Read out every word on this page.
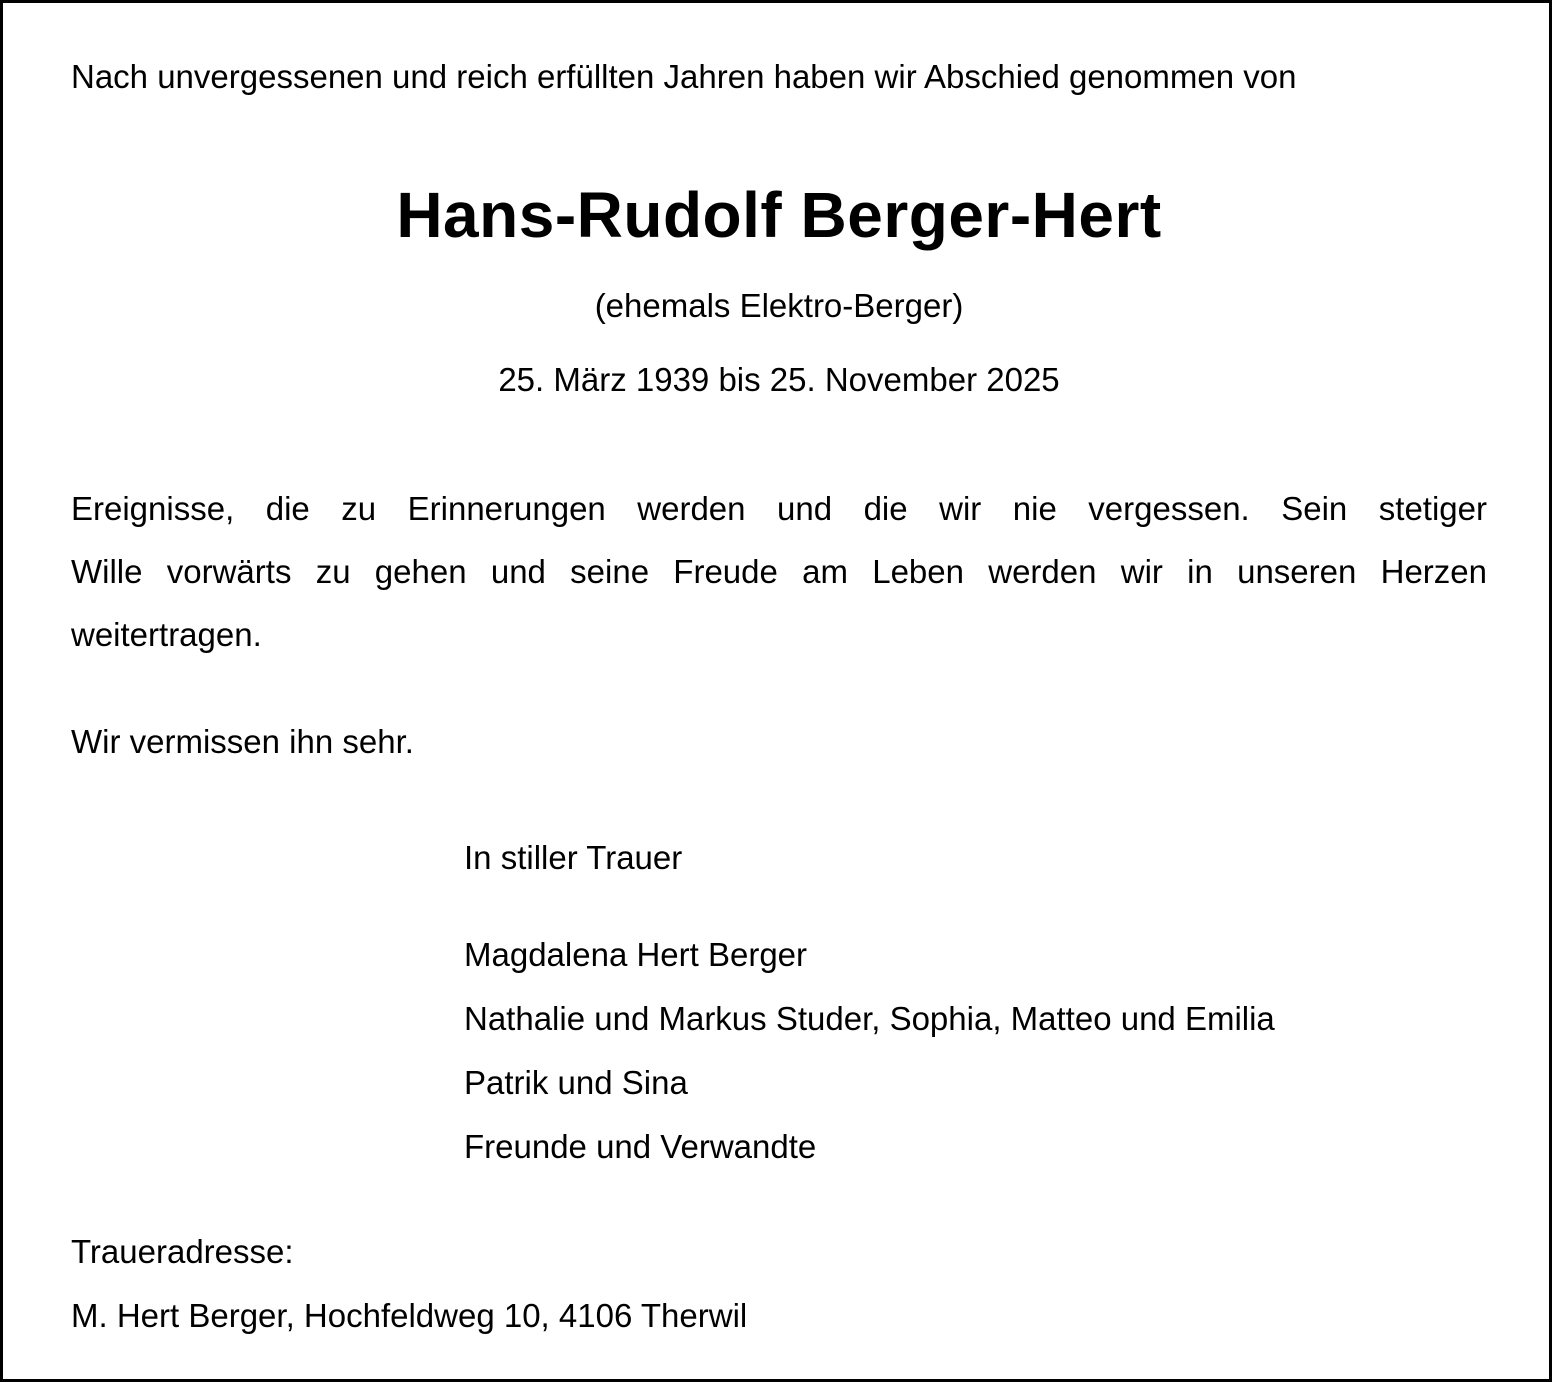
Nach unvergessenen und reich erfüllten Jahren haben wir Abschied genommen von
Hans-Rudolf Berger-Hert
(ehemals Elektro-Berger)
25. März 1939 bis 25. November 2025
Ereignisse, die zu Erinnerungen werden und die wir nie vergessen. Sein stetiger
Wille vorwärts zu gehen und seine Freude am Leben werden wir in unseren Herzen
weitertragen.
Wir vermissen ihn sehr.
In stiller Trauer
Magdalena Hert Berger
Nathalie und Markus Studer, Sophia, Matteo und Emilia
Patrik und Sina
Freunde und Verwandte
Traueradresse:
M. Hert Berger, Hochfeldweg 10, 4106 Therwil
